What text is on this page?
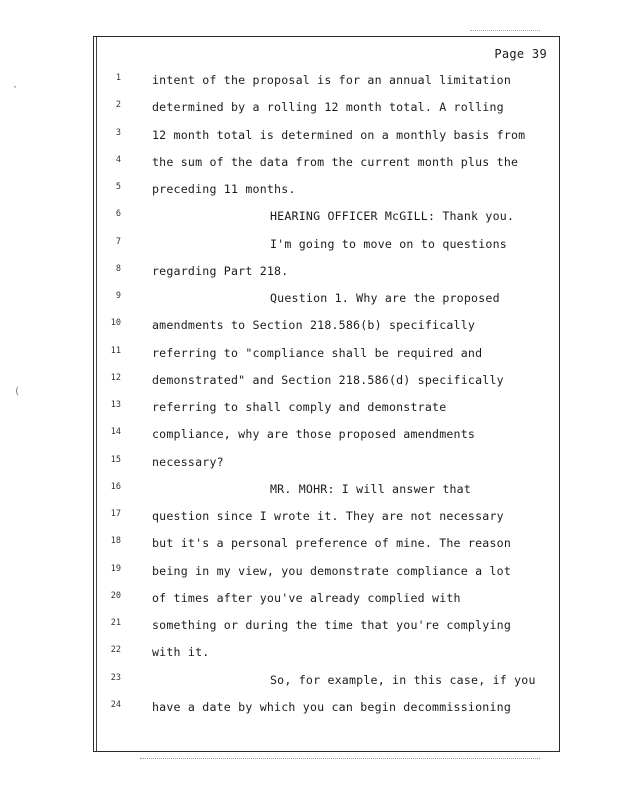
·
(
Page 39
1	intent of the proposal is for an annual limitation
2	determined by a rolling 12 month total. A rolling
3	12 month total is determined on a monthly basis from
4	the sum of the data from the current month plus the
5	preceding 11 months.
6	HEARING OFFICER McGILL: Thank you.
7	I'm going to move on to questions
8	regarding Part 218.
9	Question 1. Why are the proposed
10	amendments to Section 218.586(b) specifically
11	referring to "compliance shall be required and
12	demonstrated" and Section 218.586(d) specifically
13	referring to shall comply and demonstrate
14	compliance, why are those proposed amendments
15	necessary?
16	MR. MOHR: I will answer that
17	question since I wrote it. They are not necessary
18	but it's a personal preference of mine. The reason
19	being in my view, you demonstrate compliance a lot
20	of times after you've already complied with
21	something or during the time that you're complying
22	with it.
23	So, for example, in this case, if you
24	have a date by which you can begin decommissioning
